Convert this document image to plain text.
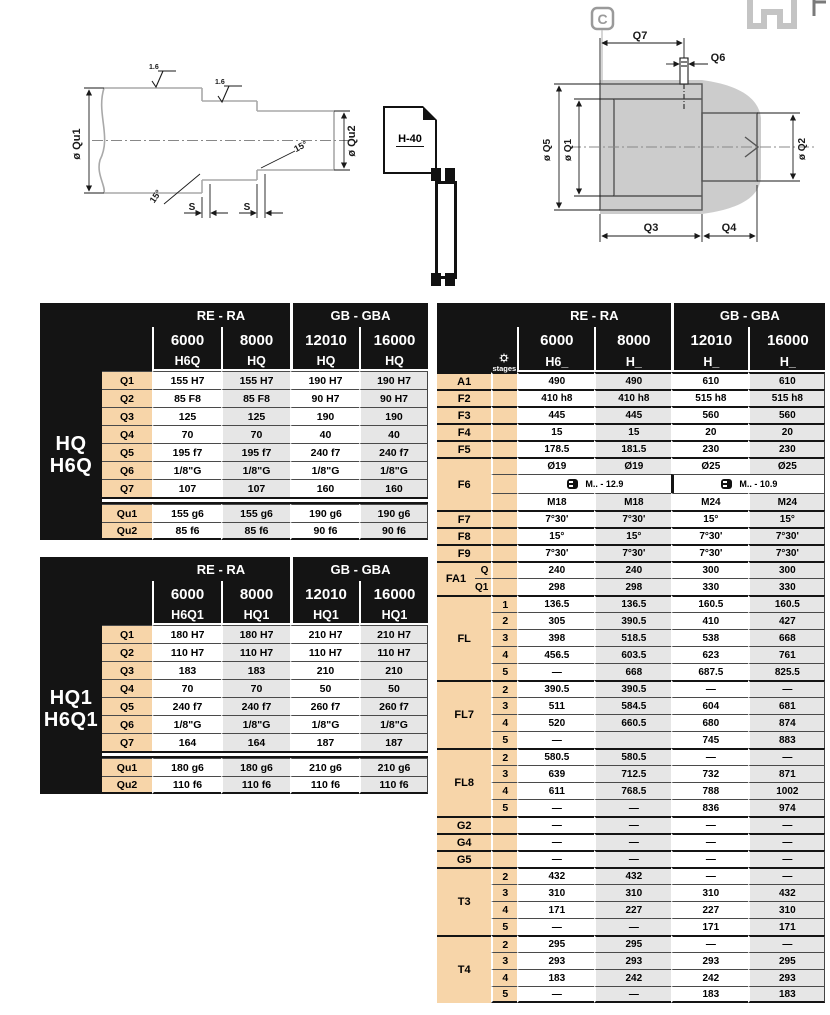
ø Qu1	ø Qu2
S	S
15°
15°
1.6
1.6
H-40
C
Q7
Q6
ø Q5 ø Q1	ø Q2
Q3	Q4
		RE - RA		GB - GBA	
		6000	8000	12010	16000
		H6Q	HQ	HQ	HQ

HQ
H6Q	Q1	155 H7	155 H7	190 H7	190 H7
	Q2	85 F8	85 F8	90 H7	90 H7
	Q3	125	125	190	190
	Q4	70	70	40	40
	Q5	195 f7	195 f7	240 f7	240 f7
	Q6	1/8"G	1/8"G	1/8"G	1/8"G
	Q7	107	107	160	160

	Qu1	155 g6	155 g6	190 g6	190 g6
	Qu2	85 f6	85 f6	90 f6	90 f6
		RE - RA		GB - GBA	
		6000	8000	12010	16000
		H6Q1	HQ1	HQ1	HQ1

HQ1
H6Q1	Q1	180 H7	180 H7	210 H7	210 H7
	Q2	110 H7	110 H7	110 H7	110 H7
	Q3	183	183	210	210
	Q4	70	70	50	50
	Q5	240 f7	240 f7	260 f7	260 f7
	Q6	1/8"G	1/8"G	1/8"G	1/8"G
	Q7	164	164	187	187

	Qu1	180 g6	180 g6	210 g6	210 g6
	Qu2	110 f6	110 f6	110 f6	110 f6
			RE - RA		GB - GBA	
			6000	8000	12010	16000

		stages	H6_	H_	H_	H_
A1			490	490	610	610
F2			410 h8	410 h8	515 h8	515 h8
F3			445	445	560	560
F4			15	15	20	20
F5			178.5	181.5	230	230
F6			Ø19	Ø19	Ø25	Ø25
			M.. - 12.9		M.. - 10.9	
			M18	M18	M24	M24
F7			7°30'	7°30'	15°	15°
F8			15°	15°	7°30'	7°30'
F9			7°30'	7°30'	7°30'	7°30'
FA1	Q		240	240	300	300
	Q1		298	298	330	330
FL		1	136.5	136.5	160.5	160.5
		2	305	390.5	410	427
		3	398	518.5	538	668
		4	456.5	603.5	623	761
		5	—	668	687.5	825.5
FL7		2	390.5	390.5	—	—
		3	511	584.5	604	681
		4	520	660.5	680	874
		5	—		745	883
FL8		2	580.5	580.5	—	—
		3	639	712.5	732	871
		4	611	768.5	788	1002
		5	—	—	836	974
G2			—	—	—	—
G4			—	—	—	—
G5			—	—	—	—
T3		2	432	432	—	—
		3	310	310	310	432
		4	171	227	227	310
		5	—	—	171	171
T4		2	295	295	—	—
		3	293	293	293	295
		4	183	242	242	293
		5	—	—	183	183
